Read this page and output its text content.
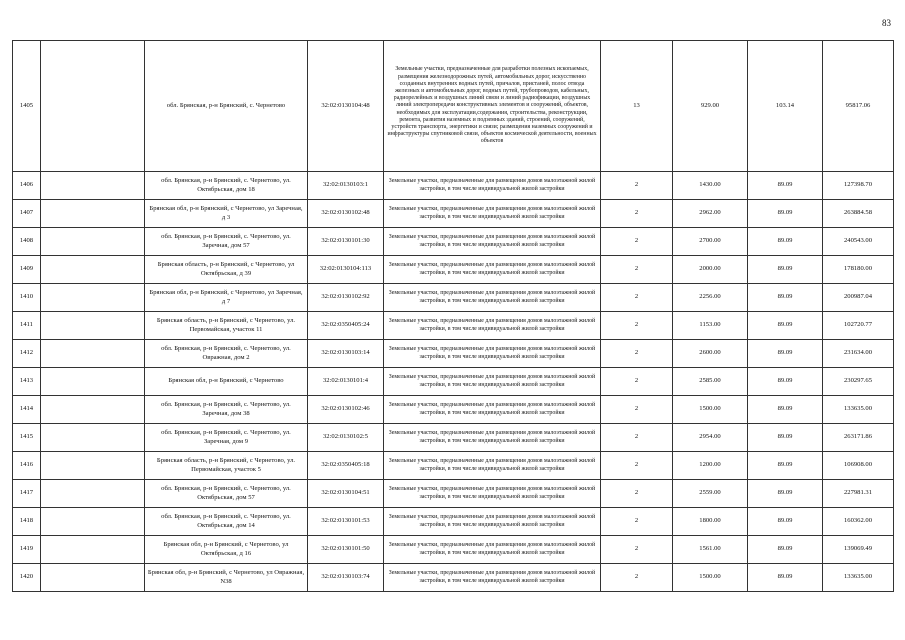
83
1405		обл. Брянская, р-н Брянский, с. Чернетово	32:02:0130104:48	Земельные участки, предназначенные для разработки полезных ископаемых, размещения железнодорожных путей, автомобильных дорог, искусственно созданных внутренних водных путей, причалов, пристаней, полос отвода железных и автомобильных дорог, водных путей, трубопроводов, кабельных, радиорелейных и воздушных линий связи и линий радиофикации, воздушных линий электропередачи конструктивных элементов и сооружений, объектов, необходимых для эксплуатации,содержания, строительства, реконструкции, ремонта, развития наземных и подземных зданий, строений, сооружений, устройств транспорта, энергетики и связи; размещения наземных сооружений и инфраструктуры спутниковой связи, объектов космической деятельности, военных объектов	13	929.00	103.14	95817.06
1406		обл. Брянская, р-н Брянский, с. Чернетово, ул. Октябрьская, дом 18	32:02:0130103:1	Земельные участки, предназначенные для размещения домов малоэтажной жилой застройки, в том числе индивидуальной жилой застройки	2	1430.00	89.09	127398.70
1407		Брянская обл, р-н Брянский, с Чернетово, ул Заречная, д 3	32:02:0130102:48	Земельные участки, предназначенные для размещения домов малоэтажной жилой застройки, в том числе индивидуальной жилой застройки	2	2962.00	89.09	263884.58
1408		обл. Брянская, р-н Брянский, с. Чернетово, ул. Заречная, дом 57	32:02:0130101:30	Земельные участки, предназначенные для размещения домов малоэтажной жилой застройки, в том числе индивидуальной жилой застройки	2	2700.00	89.09	240543.00
1409		Брянская область, р-н Брянский, с Чернетово, ул Октябрьская, д 39	32:02:0130104:113	Земельные участки, предназначенные для размещения домов малоэтажной жилой застройки, в том числе индивидуальной жилой застройки	2	2000.00	89.09	178180.00
1410		Брянская обл, р-н Брянский, с Чернетово, ул Заречная, д 7	32:02:0130102:92	Земельные участки, предназначенные для размещения домов малоэтажной жилой застройки, в том числе индивидуальной жилой застройки	2	2256.00	89.09	200987.04
1411		Брянская область, р-н Брянский, с Чернетово, ул. Первомайская, участок 11	32:02:0350405:24	Земельные участки, предназначенные для размещения домов малоэтажной жилой застройки, в том числе индивидуальной жилой застройки	2	1153.00	89.09	102720.77
1412		обл. Брянская, р-н Брянский, с. Чернетово, ул. Овражная, дом 2	32:02:0130103:14	Земельные участки, предназначенные для размещения домов малоэтажной жилой застройки, в том числе индивидуальной жилой застройки	2	2600.00	89.09	231634.00
1413		Брянская обл, р-н Брянский, с Чернетово	32:02:0130101:4	Земельные участки, предназначенные для размещения домов малоэтажной жилой застройки, в том числе индивидуальной жилой застройки	2	2585.00	89.09	230297.65
1414		обл. Брянская, р-н Брянский, с. Чернетово, ул. Заречная, дом 38	32:02:0130102:46	Земельные участки, предназначенные для размещения домов малоэтажной жилой застройки, в том числе индивидуальной жилой застройки	2	1500.00	89.09	133635.00
1415		обл. Брянская, р-н Брянский, с. Чернетово, ул. Заречная, дом 9	32:02:0130102:5	Земельные участки, предназначенные для размещения домов малоэтажной жилой застройки, в том числе индивидуальной жилой застройки	2	2954.00	89.09	263171.86
1416		Брянская область, р-н Брянский, с Чернетово, ул. Первомайская, участок 5	32:02:0350405:18	Земельные участки, предназначенные для размещения домов малоэтажной жилой застройки, в том числе индивидуальной жилой застройки	2	1200.00	89.09	106908.00
1417		обл. Брянская, р-н Брянский, с. Чернетово, ул. Октябрьская, дом 57	32:02:0130104:51	Земельные участки, предназначенные для размещения домов малоэтажной жилой застройки, в том числе индивидуальной жилой застройки	2	2559.00	89.09	227981.31
1418		обл. Брянская, р-н Брянский, с. Чернетово, ул. Октябрьская, дом 14	32:02:0130101:53	Земельные участки, предназначенные для размещения домов малоэтажной жилой застройки, в том числе индивидуальной жилой застройки	2	1800.00	89.09	160362.00
1419		Брянская обл, р-н Брянский, с Чернетово, ул Октябрьская, д 16	32:02:0130101:50	Земельные участки, предназначенные для размещения домов малоэтажной жилой застройки, в том числе индивидуальной жилой застройки	2	1561.00	89.09	139069.49
1420		Брянская обл, р-н Брянский, с Чернетово, ул Овражная, N38	32:02:0130103:74	Земельные участки, предназначенные для размещения домов малоэтажной жилой застройки, в том числе индивидуальной жилой застройки	2	1500.00	89.09	133635.00
